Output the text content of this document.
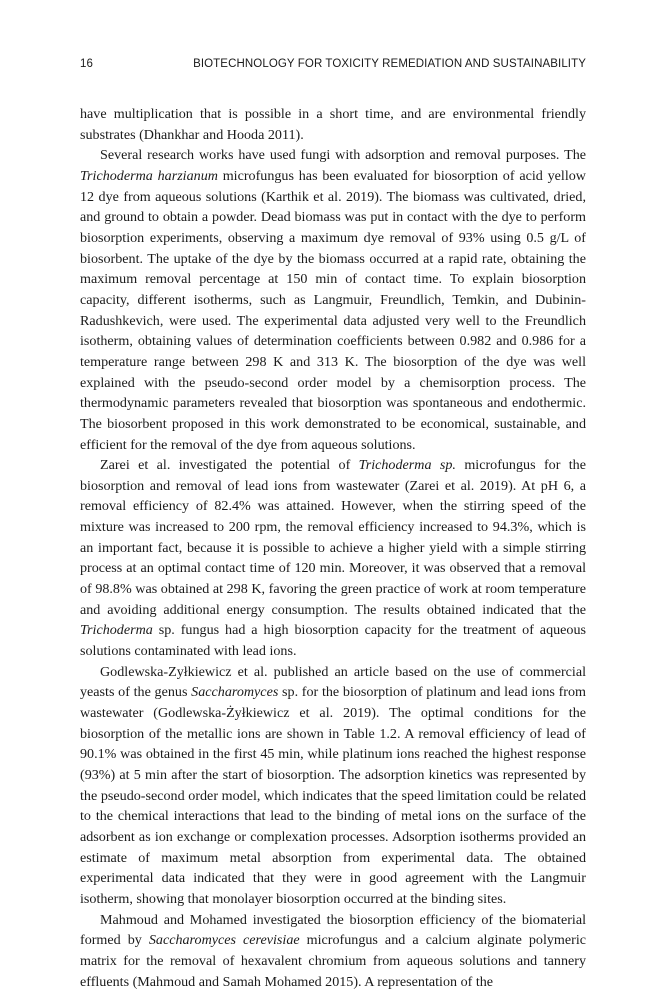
16	BIOTECHNOLOGY FOR TOXICITY REMEDIATION AND SUSTAINABILITY

have multiplication that is possible in a short time, and are environmental friendly substrates (Dhankhar and Hooda 2011).

Several research works have used fungi with adsorption and removal purposes. The Trichoderma harzianum microfungus has been evaluated for biosorption of acid yellow 12 dye from aqueous solutions (Karthik et al. 2019). The biomass was cultivated, dried, and ground to obtain a powder. Dead biomass was put in contact with the dye to perform biosorption experiments, observing a maximum dye removal of 93% using 0.5 g/L of biosorbent. The uptake of the dye by the biomass occurred at a rapid rate, obtaining the maximum removal percentage at 150 min of contact time. To explain biosorption capacity, different isotherms, such as Langmuir, Freundlich, Temkin, and Dubinin-Radushkevich, were used. The experimental data adjusted very well to the Freundlich isotherm, obtaining values of determination coefficients between 0.982 and 0.986 for a temperature range between 298 K and 313 K. The biosorption of the dye was well explained with the pseudo-second order model by a chemisorption process. The thermodynamic parameters revealed that biosorption was spontaneous and endothermic. The biosorbent proposed in this work demonstrated to be economical, sustainable, and efficient for the removal of the dye from aqueous solutions.

Zarei et al. investigated the potential of Trichoderma sp. microfungus for the biosorption and removal of lead ions from wastewater (Zarei et al. 2019). At pH 6, a removal efficiency of 82.4% was attained. However, when the stirring speed of the mixture was increased to 200 rpm, the removal efficiency increased to 94.3%, which is an important fact, because it is possible to achieve a higher yield with a simple stirring process at an optimal contact time of 120 min. Moreover, it was observed that a removal of 98.8% was obtained at 298 K, favoring the green practice of work at room temperature and avoiding additional energy consumption. The results obtained indicated that the Trichoderma sp. fungus had a high biosorption capacity for the treatment of aqueous solutions contaminated with lead ions.

Godlewska-Zyłkiewicz et al. published an article based on the use of commercial yeasts of the genus Saccharomyces sp. for the biosorption of platinum and lead ions from wastewater (Godlewska-Żyłkiewicz et al. 2019). The optimal conditions for the biosorption of the metallic ions are shown in Table 1.2. A removal efficiency of lead of 90.1% was obtained in the first 45 min, while platinum ions reached the highest response (93%) at 5 min after the start of biosorption. The adsorption kinetics was represented by the pseudo-second order model, which indicates that the speed limitation could be related to the chemical interactions that lead to the binding of metal ions on the surface of the adsorbent as ion exchange or complexation processes. Adsorption isotherms provided an estimate of maximum metal absorption from experimental data. The obtained experimental data indicated that they were in good agreement with the Langmuir isotherm, showing that monolayer biosorption occurred at the binding sites.

Mahmoud and Mohamed investigated the biosorption efficiency of the biomaterial formed by Saccharomyces cerevisiae microfungus and a calcium alginate polymeric matrix for the removal of hexavalent chromium from aqueous solutions and tannery effluents (Mahmoud and Samah Mohamed 2015). A representation of the
